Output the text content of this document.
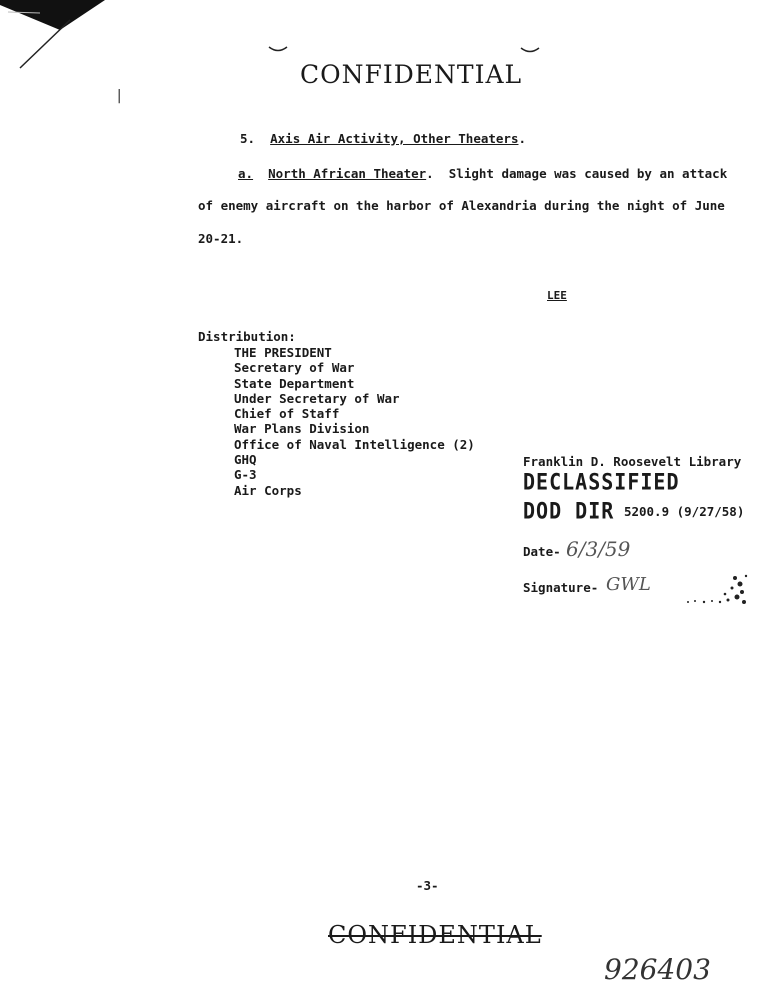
|
CONFIDENTIAL
5. Axis Air Activity, Other Theaters.
a. North African Theater. Slight damage was caused by an attack
of enemy aircraft on the harbor of Alexandria during the night of June
20-21.
LEE
Distribution:
THE PRESIDENT
Secretary of War
State Department
Under Secretary of War
Chief of Staff
War Plans Division
Office of Naval Intelligence (2)
GHQ
G-3
Air Corps
Franklin D. Roosevelt Library
DECLASSIFIED
DOD DIR 5200.9 (9/27/58)
Date- 6/3/59
Signature- GWL
-3-
CONFIDENTIAL
926403
